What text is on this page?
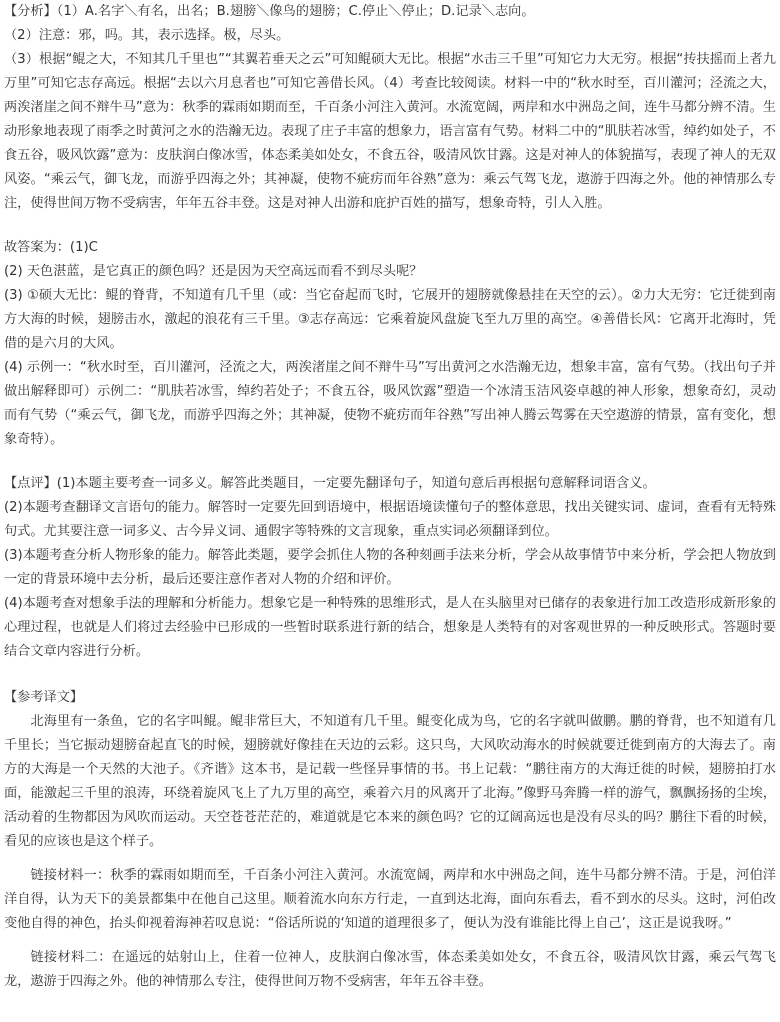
【分析】（1）A.名字＼有名，出名；B.翅膀＼像鸟的翅膀；C.停止＼停止；D.记录＼志向。

（2）注意：邪，吗。其，表示选择。极，尽头。

（3）根据“鲲之大，不知其几千里也”“其翼若垂天之云”可知鲲硕大无比。根据“水击三千里”可知它力大无穷。根据“抟扶摇而上者九万里”可知它志存高远。根据“去以六月息者也”可知它善借长风。（4）考查比较阅读。材料一中的“秋水时至，百川灌河；泾流之大，两涘渚崖之间不辩牛马”意为：秋季的霖雨如期而至，千百条小河注入黄河。水流宽阔，两岸和水中洲岛之间，连牛马都分辨不清。生动形象地表现了雨季之时黄河之水的浩瀚无边。表现了庄子丰富的想象力，语言富有气势。材料二中的“肌肤若冰雪，绰约如处子，不食五谷，吸风饮露”意为：皮肤润白像冰雪，体态柔美如处女，不食五谷，吸清风饮甘露。这是对神人的体貌描写，表现了神人的无双风姿。“乘云气，御飞龙，而游乎四海之外；其神凝，使物不疵疠而年谷熟”意为：乘云气驾飞龙，遨游于四海之外。他的神情那么专注，使得世间万物不受病害，年年五谷丰登。这是对神人出游和庇护百姓的描写，想象奇特，引人入胜。

故答案为：(1)C

(2) 天色湛蓝，是它真正的颜色吗？还是因为天空高远而看不到尽头呢？

(3) ①硕大无比：鲲的脊背，不知道有几千里（或：当它奋起而飞时，它展开的翅膀就像悬挂在天空的云）。②力大无穷：它迁徙到南方大海的时候，翅膀击水，激起的浪花有三千里。③志存高远：它乘着旋风盘旋飞至九万里的高空。④善借长风：它离开北海时，凭借的是六月的大风。

(4) 示例一：“秋水时至，百川灌河，泾流之大，两涘渚崖之间不辩牛马”写出黄河之水浩瀚无边，想象丰富，富有气势。（找出句子并做出解释即可）示例二：“肌肤若冰雪，绰约若处子；不食五谷，吸风饮露”塑造一个冰清玉洁风姿卓越的神人形象，想象奇幻，灵动而有气势（“乘云气，御飞龙，而游乎四海之外；其神凝，使物不疵疠而年谷熟”写出神人腾云驾雾在天空遨游的情景，富有变化，想象奇特）。

【点评】(1)本题主要考查一词多义。解答此类题目，一定要先翻译句子，知道句意后再根据句意解释词语含义。

(2)本题考查翻译文言语句的能力。解答时一定要先回到语境中，根据语境读懂句子的整体意思，找出关键实词、虚词，查看有无特殊句式。尤其要注意一词多义、古今异义词、通假字等特殊的文言现象，重点实词必须翻译到位。

(3)本题考查分析人物形象的能力。解答此类题，要学会抓住人物的各种刻画手法来分析，学会从故事情节中来分析，学会把人物放到一定的背景环境中去分析，最后还要注意作者对人物的介绍和评价。

(4)本题考查对想象手法的理解和分析能力。想象它是一种特殊的思维形式，是人在头脑里对已储存的表象进行加工改造形成新形象的心理过程，也就是人们将过去经验中已形成的一些暂时联系进行新的结合，想象是人类特有的对客观世界的一种反映形式。答题时要结合文章内容进行分析。

【参考译文】

北海里有一条鱼，它的名字叫鲲。鲲非常巨大，不知道有几千里。鲲变化成为鸟，它的名字就叫做鹏。鹏的脊背，也不知道有几千里长；当它振动翅膀奋起直飞的时候，翅膀就好像挂在天边的云彩。这只鸟，大风吹动海水的时候就要迁徙到南方的大海去了。南方的大海是一个天然的大池子。《齐谐》这本书，是记载一些怪异事情的书。书上记载：“鹏往南方的大海迁徙的时候，翅膀拍打水面，能激起三千里的浪涛，环绕着旋风飞上了九万里的高空，乘着六月的风离开了北海。”像野马奔腾一样的游气，飘飘扬扬的尘埃，活动着的生物都因为风吹而运动。天空苍苍茫茫的，难道就是它本来的颜色吗？它的辽阔高远也是没有尽头的吗？鹏往下看的时候，看见的应该也是这个样子。

链接材料一：秋季的霖雨如期而至，千百条小河注入黄河。水流宽阔，两岸和水中洲岛之间，连牛马都分辨不清。于是，河伯洋洋自得，认为天下的美景都集中在他自己这里。顺着流水向东方行走，一直到达北海，面向东看去，看不到水的尽头。这时，河伯改变他自得的神色，抬头仰视着海神若叹息说：“俗话所说的‘知道的道理很多了，便认为没有谁能比得上自己’，这正是说我呀。”

链接材料二：在遥远的姑射山上，住着一位神人，皮肤润白像冰雪，体态柔美如处女，不食五谷，吸清风饮甘露，乘云气驾飞龙，遨游于四海之外。他的神情那么专注，使得世间万物不受病害，年年五谷丰登。
